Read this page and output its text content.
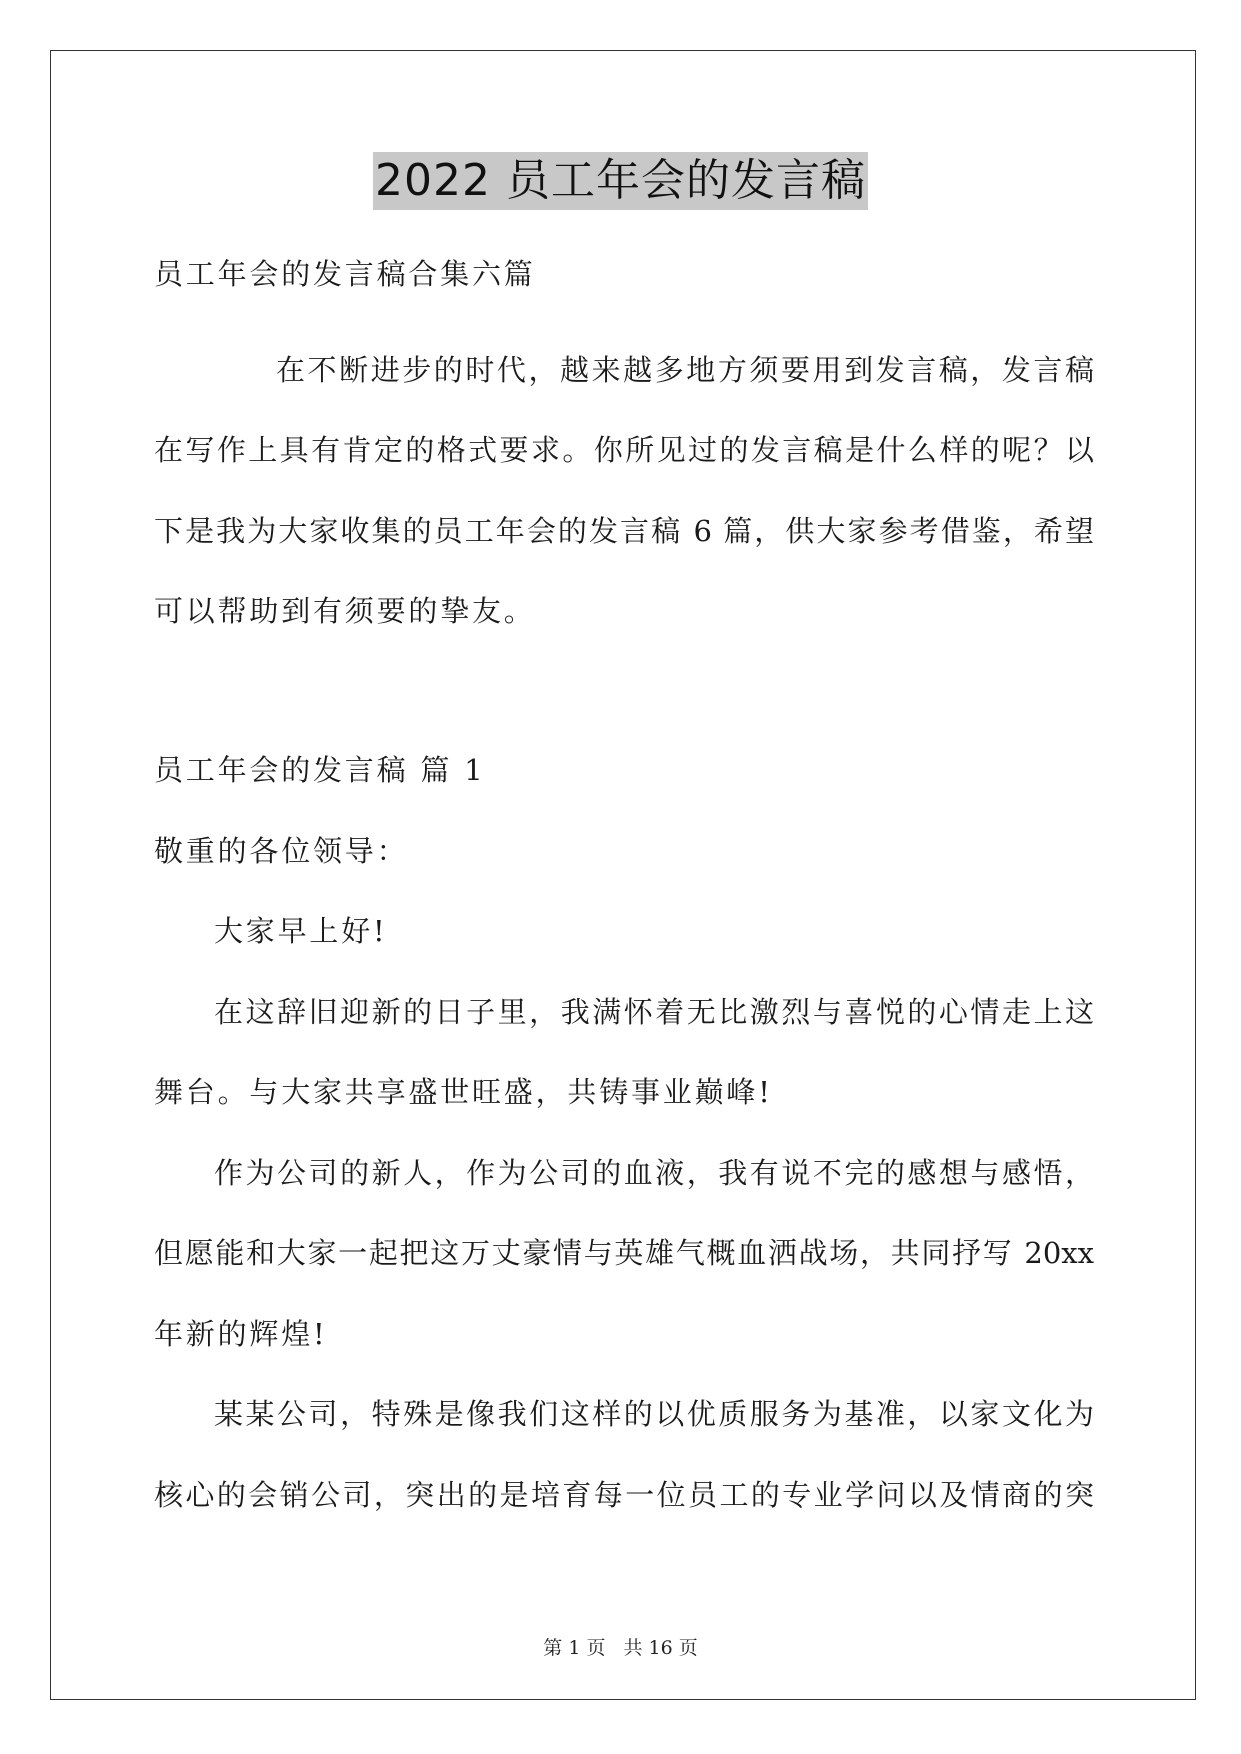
2022 员工年会的发言稿
员工年会的发言稿合集六篇
在不断进步的时代，越来越多地方须要用到发言稿，发言稿
在写作上具有肯定的格式要求。你所见过的发言稿是什么样的呢？以
下是我为大家收集的员工年会的发言稿 6 篇，供大家参考借鉴，希望
可以帮助到有须要的挚友。
员工年会的发言稿 篇 1
敬重的各位领导：
大家早上好!
在这辞旧迎新的日子里，我满怀着无比激烈与喜悦的心情走上这
舞台。与大家共享盛世旺盛，共铸事业巅峰!
作为公司的新人，作为公司的血液，我有说不完的感想与感悟，
但愿能和大家一起把这万丈豪情与英雄气概血洒战场，共同抒写 20xx
年新的辉煌!
某某公司，特殊是像我们这样的以优质服务为基准，以家文化为
核心的会销公司，突出的是培育每一位员工的专业学问以及情商的突
第 1 页 共 16 页
